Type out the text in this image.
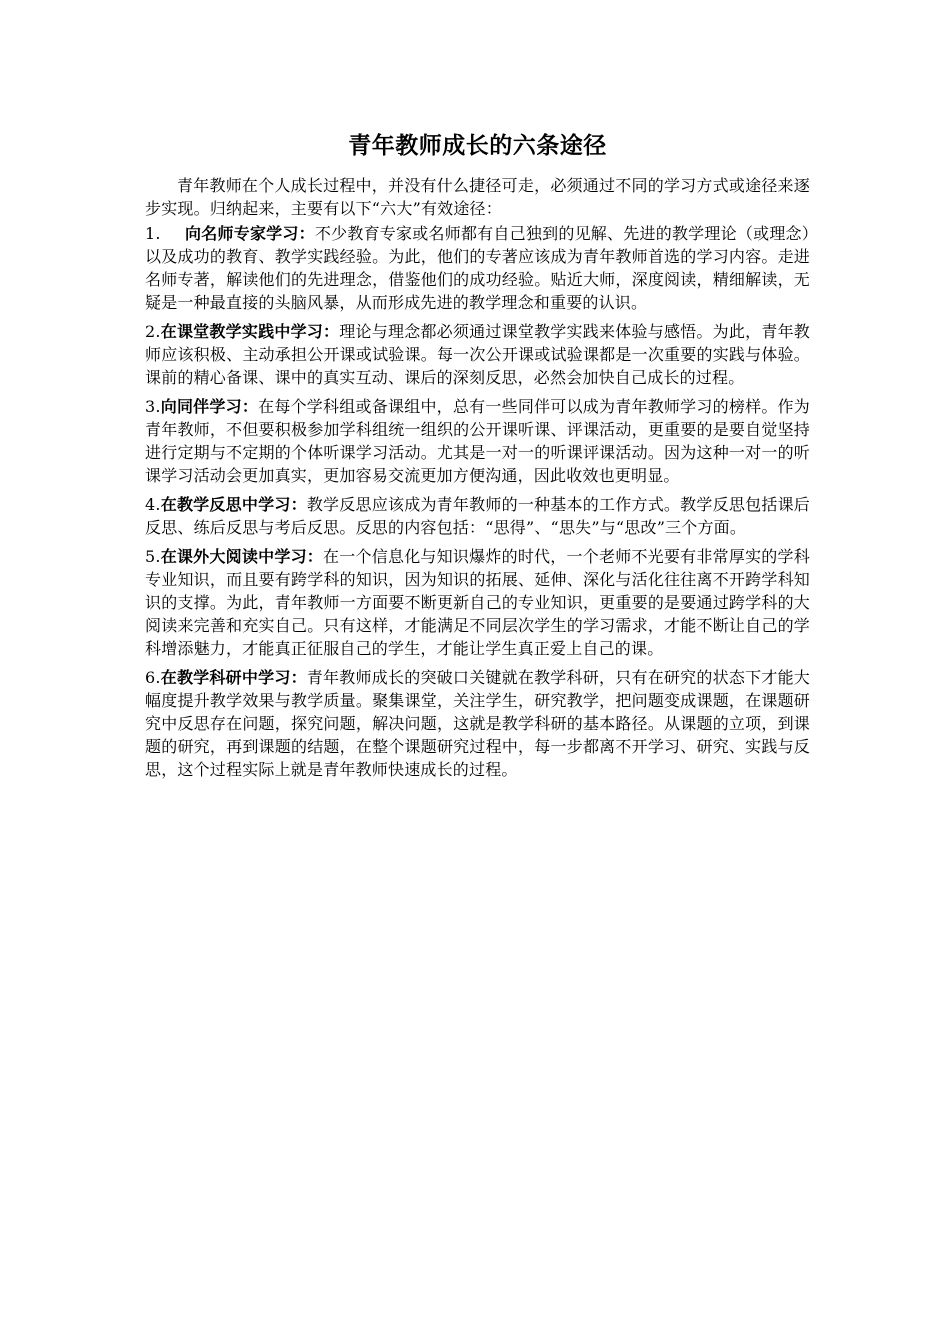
青年教师成长的六条途径

青年教师在个人成长过程中，并没有什么捷径可走，必须通过不同的学习方式或途径来逐步实现。归纳起来，主要有以下“六大”有效途径：

1. 向名师专家学习：不少教育专家或名师都有自己独到的见解、先进的教学理论（或理念）以及成功的教育、教学实践经验。为此，他们的专著应该成为青年教师首选的学习内容。走进名师专著，解读他们的先进理念，借鉴他们的成功经验。贴近大师，深度阅读，精细解读，无疑是一种最直接的头脑风暴，从而形成先进的教学理念和重要的认识。

2.在课堂教学实践中学习：理论与理念都必须通过课堂教学实践来体验与感悟。为此，青年教师应该积极、主动承担公开课或试验课。每一次公开课或试验课都是一次重要的实践与体验。课前的精心备课、课中的真实互动、课后的深刻反思，必然会加快自己成长的过程。

3.向同伴学习：在每个学科组或备课组中，总有一些同伴可以成为青年教师学习的榜样。作为青年教师，不但要积极参加学科组统一组织的公开课听课、评课活动，更重要的是要自觉坚持进行定期与不定期的个体听课学习活动。尤其是一对一的听课评课活动。因为这种一对一的听课学习活动会更加真实，更加容易交流更加方便沟通，因此收效也更明显。

4.在教学反思中学习：教学反思应该成为青年教师的一种基本的工作方式。教学反思包括课后反思、练后反思与考后反思。反思的内容包括：“思得”、“思失”与“思改”三个方面。

5.在课外大阅读中学习：在一个信息化与知识爆炸的时代，一个老师不光要有非常厚实的学科专业知识，而且要有跨学科的知识，因为知识的拓展、延伸、深化与活化往往离不开跨学科知识的支撑。为此，青年教师一方面要不断更新自己的专业知识，更重要的是要通过跨学科的大阅读来完善和充实自己。只有这样，才能满足不同层次学生的学习需求，才能不断让自己的学科增添魅力，才能真正征服自己的学生，才能让学生真正爱上自己的课。

6.在教学科研中学习：青年教师成长的突破口关键就在教学科研，只有在研究的状态下才能大幅度提升教学效果与教学质量。聚集课堂，关注学生，研究教学，把问题变成课题，在课题研究中反思存在问题，探究问题，解决问题，这就是教学科研的基本路径。从课题的立项，到课题的研究，再到课题的结题，在整个课题研究过程中，每一步都离不开学习、研究、实践与反思，这个过程实际上就是青年教师快速成长的过程。
